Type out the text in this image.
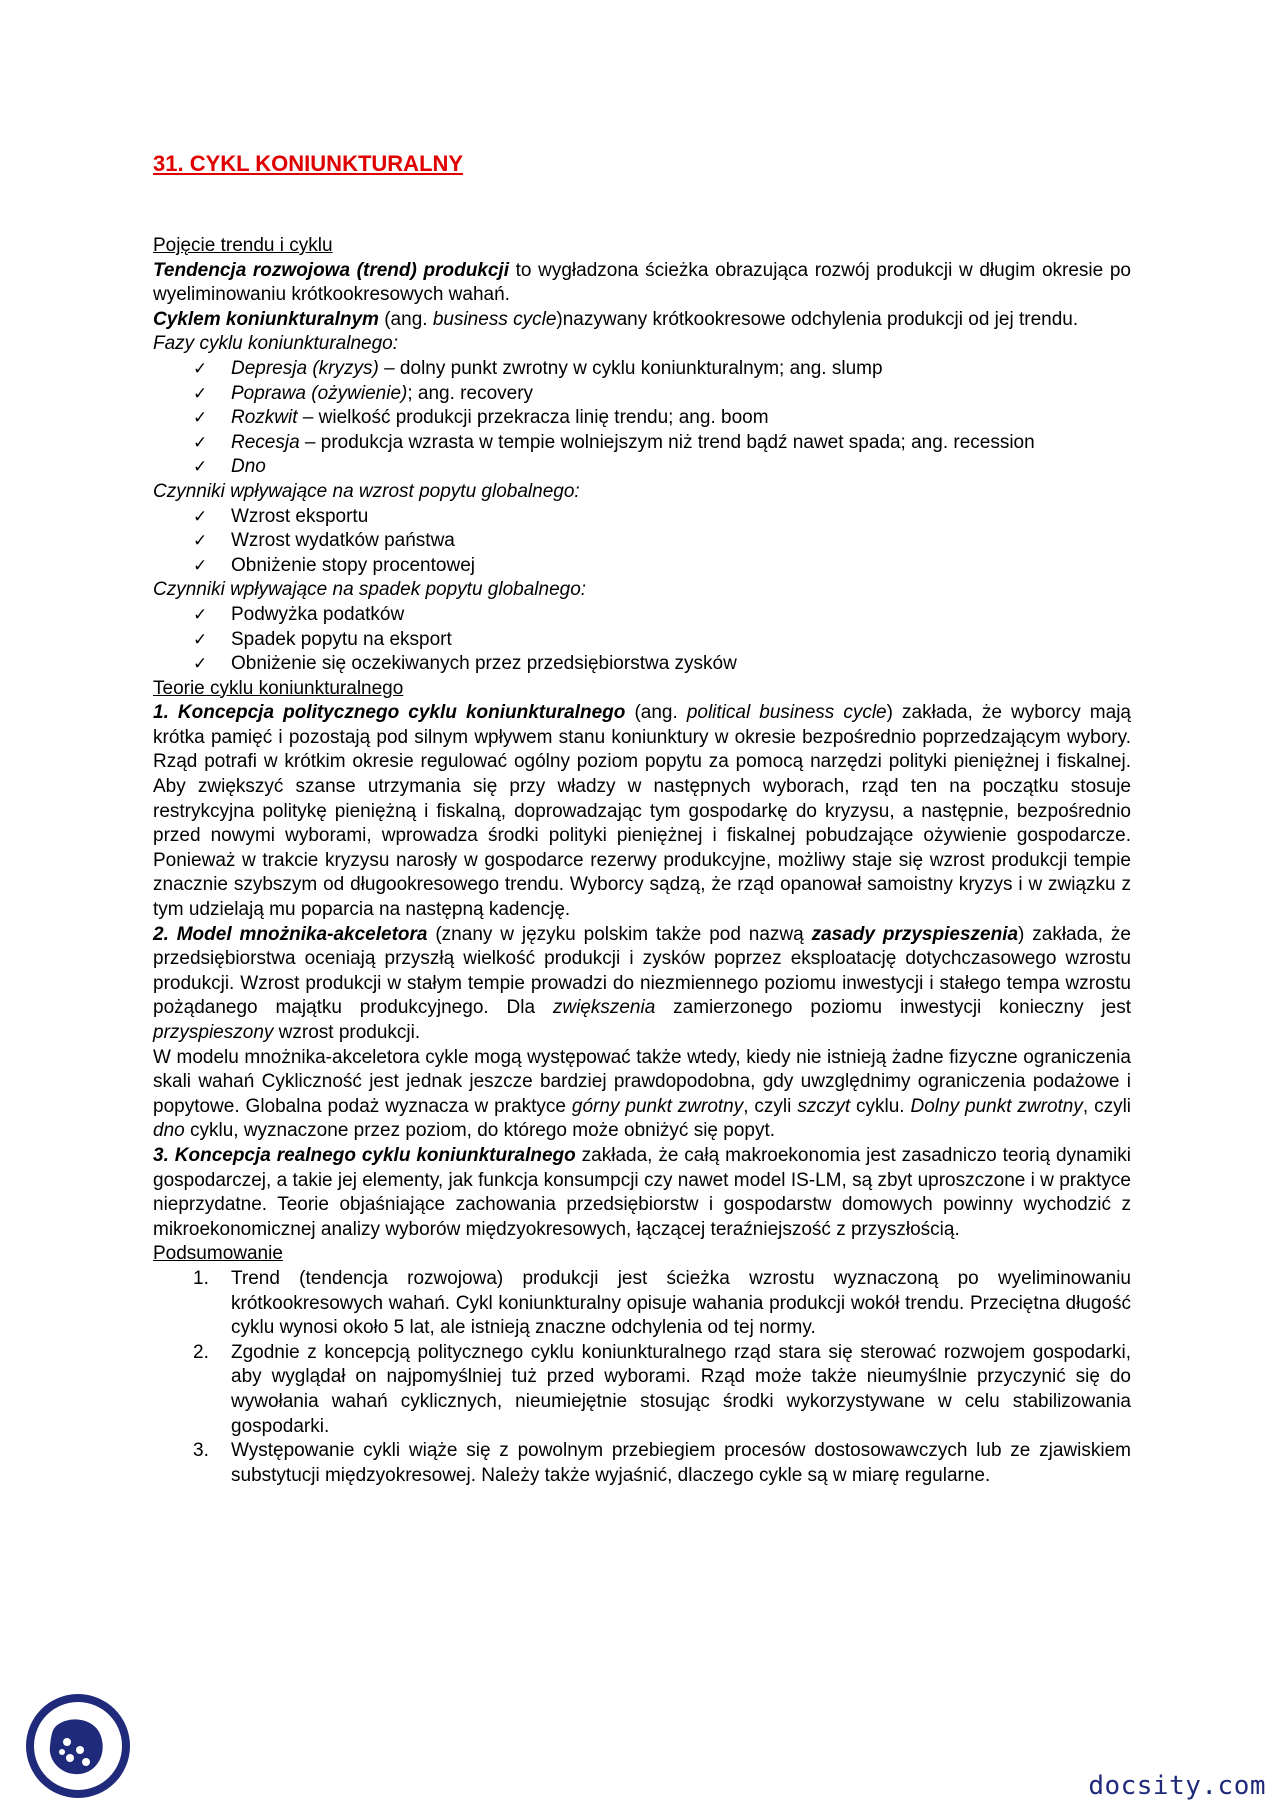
31. CYKL KONIUNKTURALNY
Pojęcie trendu i cyklu

Tendencja rozwojowa (trend) produkcji to wygładzona ścieżka obrazująca rozwój produkcji w długim okresie po wyeliminowaniu krótkookresowych wahań.

Cyklem koniunkturalnym (ang. business cycle)nazywany krótkookresowe odchylenia produkcji od jej trendu.

Fazy cyklu koniunkturalnego:
✓	Depresja (kryzys) – dolny punkt zwrotny w cyklu koniunkturalnym; ang. slump
✓	Poprawa (ożywienie); ang. recovery
✓	Rozkwit – wielkość produkcji przekracza linię trendu; ang. boom
✓	Recesja – produkcja wzrasta w tempie wolniejszym niż trend bądź nawet spada; ang. recession
✓	Dno
Czynniki wpływające na wzrost popytu globalnego:
✓	Wzrost eksportu
✓	Wzrost wydatków państwa
✓	Obniżenie stopy procentowej
Czynniki wpływające na spadek popytu globalnego:
✓	Podwyżka podatków
✓	Spadek popytu na eksport
✓	Obniżenie się oczekiwanych przez przedsiębiorstwa zysków
Teorie cyklu koniunkturalnego

1. Koncepcja politycznego cyklu koniunkturalnego (ang. political business cycle) zakłada, że wyborcy mają krótka pamięć i pozostają pod silnym wpływem stanu koniunktury w okresie bezpośrednio poprzedzającym wybory. Rząd potrafi w krótkim okresie regulować ogólny poziom popytu za pomocą narzędzi polityki pieniężnej i fiskalnej. Aby zwiększyć szanse utrzymania się przy władzy w następnych wyborach, rząd ten na początku stosuje restrykcyjna politykę pieniężną i fiskalną, doprowadzając tym gospodarkę do kryzysu, a następnie, bezpośrednio przed nowymi wyborami, wprowadza środki polityki pieniężnej i fiskalnej pobudzające ożywienie gospodarcze. Ponieważ w trakcie kryzysu narosły w gospodarce rezerwy produkcyjne, możliwy staje się wzrost produkcji tempie znacznie szybszym od długookresowego trendu. Wyborcy sądzą, że rząd opanował samoistny kryzys i w związku z tym udzielają mu poparcia na następną kadencję.

2. Model mnożnika-akceletora (znany w języku polskim także pod nazwą zasady przyspieszenia) zakłada, że przedsiębiorstwa oceniają przyszłą wielkość produkcji i zysków poprzez eksploatację dotychczasowego wzrostu produkcji. Wzrost produkcji w stałym tempie prowadzi do niezmiennego poziomu inwestycji i stałego tempa wzrostu pożądanego majątku produkcyjnego. Dla zwiększenia zamierzonego poziomu inwestycji konieczny jest przyspieszony wzrost produkcji.

W modelu mnożnika-akceletora cykle mogą występować także wtedy, kiedy nie istnieją żadne fizyczne ograniczenia skali wahań Cykliczność jest jednak jeszcze bardziej prawdopodobna, gdy uwzględnimy ograniczenia podażowe i popytowe. Globalna podaż wyznacza w praktyce górny punkt zwrotny, czyli szczyt cyklu. Dolny punkt zwrotny, czyli dno cyklu, wyznaczone przez poziom, do którego może obniżyć się popyt.

3. Koncepcja realnego cyklu koniunkturalnego zakłada, że całą makroekonomia jest zasadniczo teorią dynamiki gospodarczej, a takie jej elementy, jak funkcja konsumpcji czy nawet model IS-LM, są zbyt uproszczone i w praktyce nieprzydatne. Teorie objaśniające zachowania przedsiębiorstw i gospodarstw domowych powinny wychodzić z mikroekonomicznej analizy wyborów międzyokresowych, łączącej teraźniejszość z przyszłością.

Podsumowanie
1. Trend (tendencja rozwojowa) produkcji jest ścieżka wzrostu wyznaczoną po wyeliminowaniu krótkookresowych wahań. Cykl koniunkturalny opisuje wahania produkcji wokół trendu. Przeciętna długość cyklu wynosi około 5 lat, ale istnieją znaczne odchylenia od tej normy.
2. Zgodnie z koncepcją politycznego cyklu koniunkturalnego rząd stara się sterować rozwojem gospodarki, aby wyglądał on najpomyślniej tuż przed wyborami. Rząd może także nieumyślnie przyczynić się do wywołania wahań cyklicznych, nieumiejętnie stosując środki wykorzystywane w celu stabilizowania gospodarki.
3. Występowanie cykli wiąże się z powolnym przebiegiem procesów dostosowawczych lub ze zjawiskiem substytucji międzyokresowej. Należy także wyjaśnić, dlaczego cykle są w miarę regularne.
docsity.com
